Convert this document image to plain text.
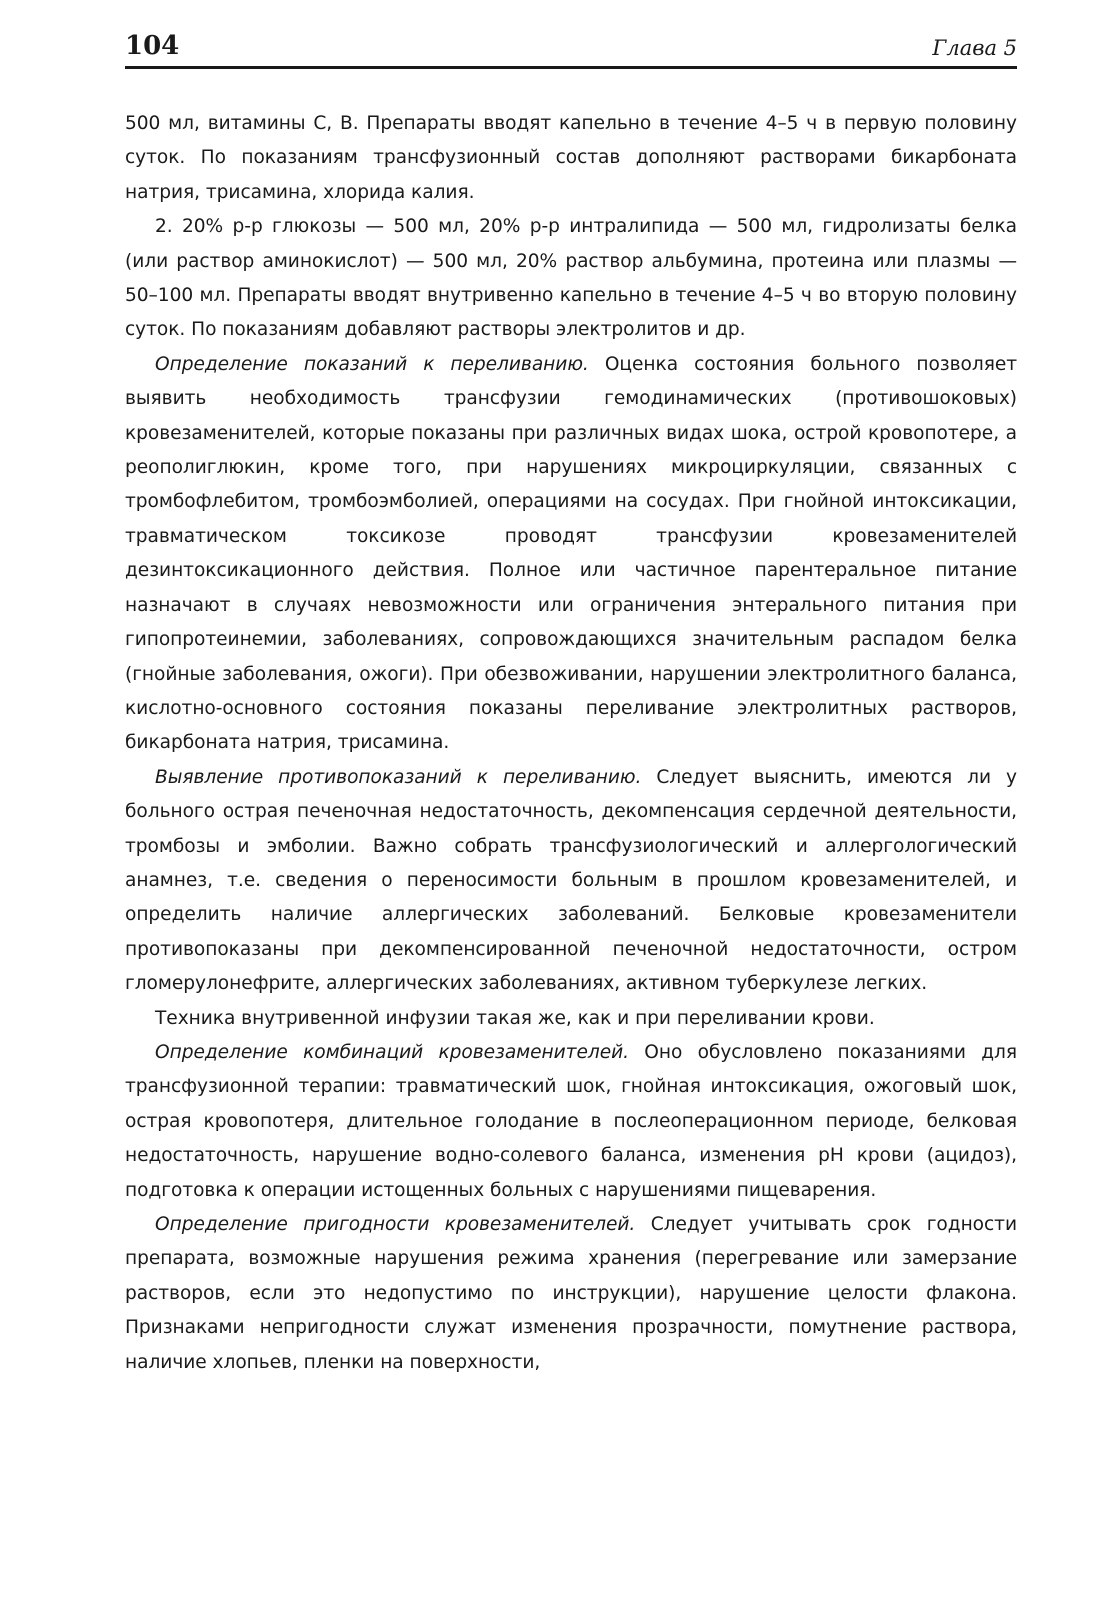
104	Глава 5

500 мл, витамины С, В. Препараты вводят капельно в течение 4–5 ч в первую половину суток. По показаниям трансфузионный состав дополняют растворами бикарбоната натрия, трисамина, хлорида калия.

2. 20% р-р глюкозы — 500 мл, 20% р-р интралипида — 500 мл, гидролизаты белка (или раствор аминокислот) — 500 мл, 20% раствор альбумина, протеина или плазмы — 50–100 мл. Препараты вводят внутривенно капельно в течение 4–5 ч во вторую половину суток. По показаниям добавляют растворы электролитов и др.

Определение показаний к переливанию. Оценка состояния больного позволяет выявить необходимость трансфузии гемодинамических (противошоковых) кровезаменителей, которые показаны при различных видах шока, острой кровопотере, а реополиглюкин, кроме того, при нарушениях микроциркуляции, связанных с тромбофлебитом, тромбоэмболией, операциями на сосудах. При гнойной интоксикации, травматическом токсикозе проводят трансфузии кровезаменителей дезинтоксикационного действия. Полное или частичное парентеральное питание назначают в случаях невозможности или ограничения энтерального питания при гипопротеинемии, заболеваниях, сопровождающихся значительным распадом белка (гнойные заболевания, ожоги). При обезвоживании, нарушении электролитного баланса, кислотно-основного состояния показаны переливание электролитных растворов, бикарбоната натрия, трисамина.

Выявление противопоказаний к переливанию. Следует выяснить, имеются ли у больного острая печеночная недостаточность, декомпенсация сердечной деятельности, тромбозы и эмболии. Важно собрать трансфузиологический и аллергологический анамнез, т.е. сведения о переносимости больным в прошлом кровезаменителей, и определить наличие аллергических заболеваний. Белковые кровезаменители противопоказаны при декомпенсированной печеночной недостаточности, остром гломерулонефрите, аллергических заболеваниях, активном туберкулезе легких.

Техника внутривенной инфузии такая же, как и при переливании крови.

Определение комбинаций кровезаменителей. Оно обусловлено показаниями для трансфузионной терапии: травматический шок, гнойная интоксикация, ожоговый шок, острая кровопотеря, длительное голодание в послеоперационном периоде, белковая недостаточность, нарушение водно-солевого баланса, изменения pH крови (ацидоз), подготовка к операции истощенных больных с нарушениями пищеварения.

Определение пригодности кровезаменителей. Следует учитывать срок годности препарата, возможные нарушения режима хранения (перегревание или замерзание растворов, если это недопустимо по инструкции), нарушение целости флакона. Признаками непригодности служат изменения прозрачности, помутнение раствора, наличие хлопьев, пленки на поверхности,
